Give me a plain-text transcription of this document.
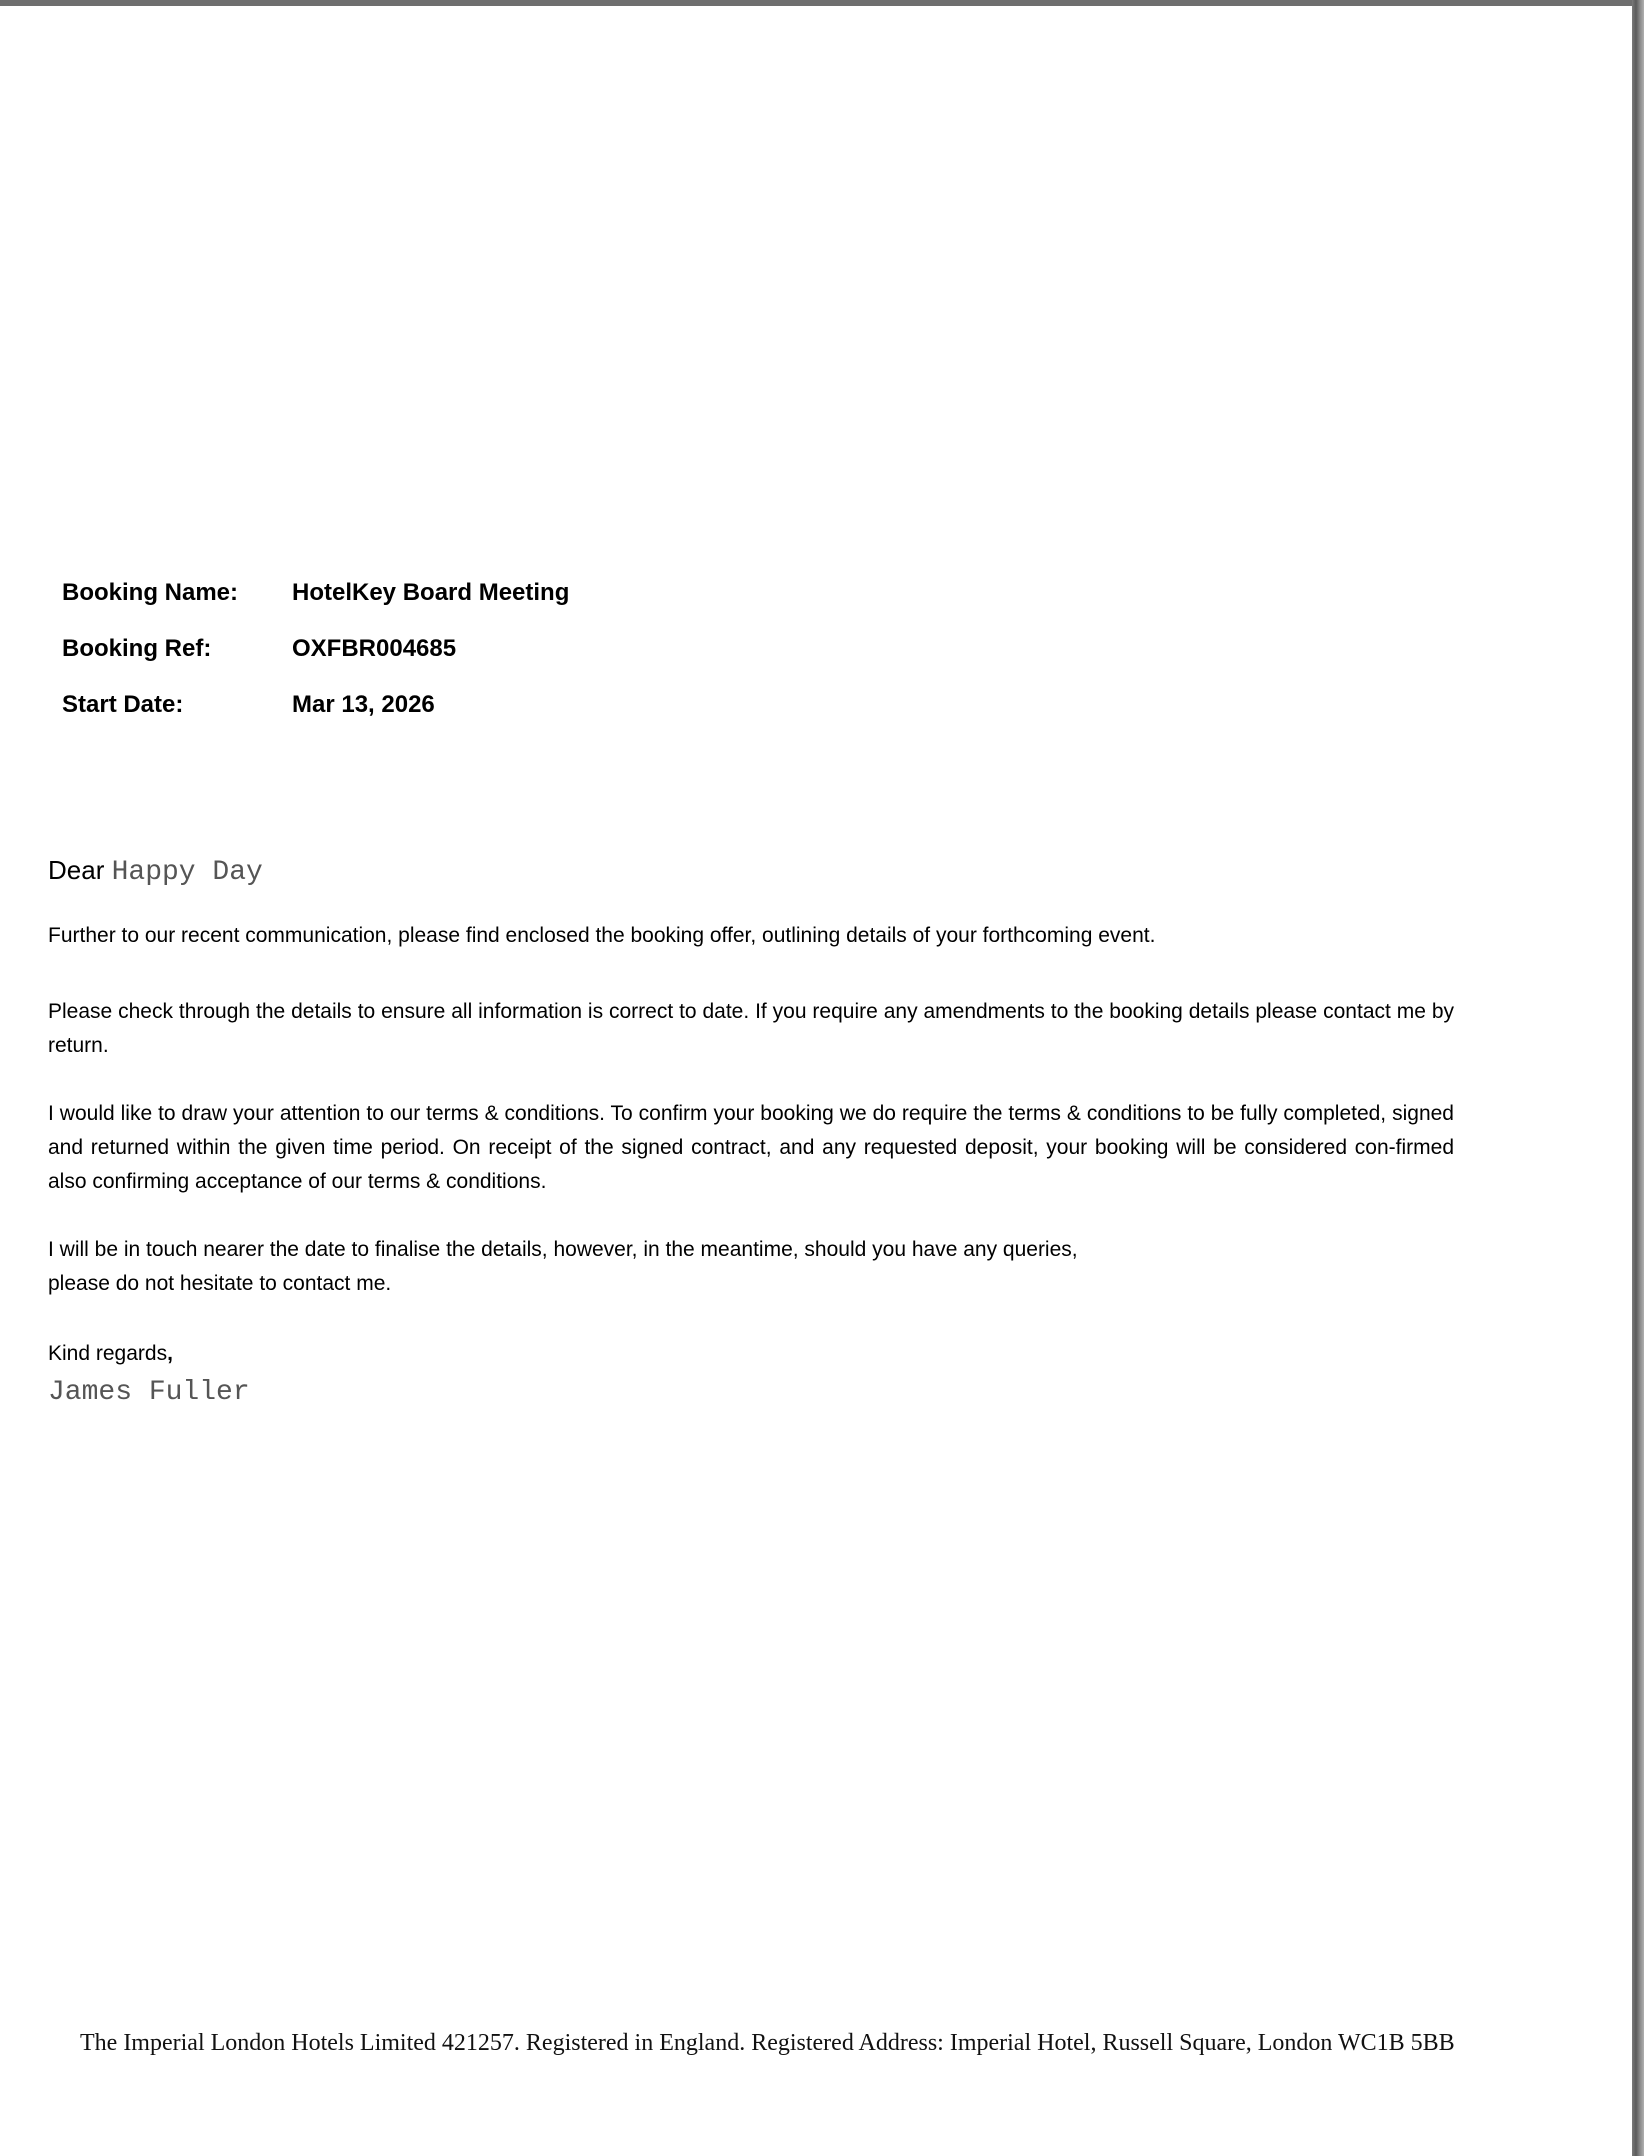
Booking Name:	HotelKey Board Meeting
Booking Ref:	OXFBR004685
Start Date:	Mar 13, 2026
Dear Happy Day

Further to our recent communication, please find enclosed the booking offer, outlining details of your forthcoming event.

Please check through the details to ensure all information is correct to date. If you require any amendments to the booking details please contact me by return.

I would like to draw your attention to our terms & conditions. To confirm your booking we do require the terms & conditions to be fully completed, signed and returned within the given time period. On receipt of the signed contract, and any requested deposit, your booking will be considered con-firmed also confirming acceptance of our terms & conditions.

I will be in touch nearer the date to finalise the details, however, in the meantime, should you have any queries,
please do not hesitate to contact me.
Kind regards,
James Fuller
The Imperial London Hotels Limited 421257. Registered in England. Registered Address: Imperial Hotel, Russell Square, London WC1B 5BB
